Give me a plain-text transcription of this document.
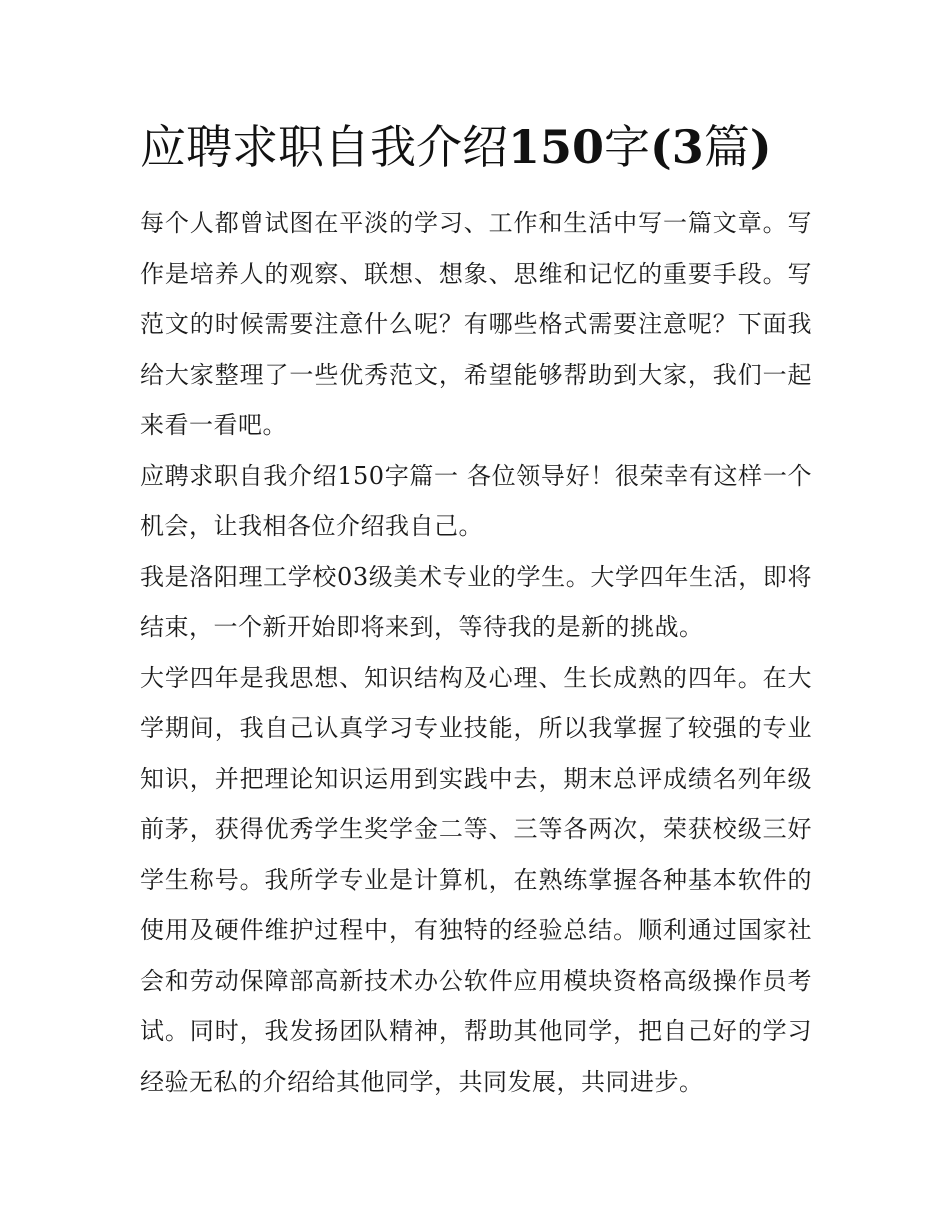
应聘求职自我介绍150字(3篇)

每个人都曾试图在平淡的学习、工作和生活中写一篇文章。写作是培养人的观察、联想、想象、思维和记忆的重要手段。写范文的时候需要注意什么呢？有哪些格式需要注意呢？下面我给大家整理了一些优秀范文，希望能够帮助到大家，我们一起来看一看吧。

应聘求职自我介绍150字篇一 各位领导好！很荣幸有这样一个机会，让我相各位介绍我自己。

我是洛阳理工学校03级美术专业的学生。大学四年生活，即将结束，一个新开始即将来到，等待我的是新的挑战。

大学四年是我思想、知识结构及心理、生长成熟的四年。在大学期间，我自己认真学习专业技能，所以我掌握了较强的专业知识，并把理论知识运用到实践中去，期末总评成绩名列年级前茅，获得优秀学生奖学金二等、三等各两次，荣获校级三好学生称号。我所学专业是计算机，在熟练掌握各种基本软件的使用及硬件维护过程中，有独特的经验总结。顺利通过国家社会和劳动保障部高新技术办公软件应用模块资格高级操作员考试。同时，我发扬团队精神，帮助其他同学，把自己好的学习经验无私的介绍给其他同学，共同发展，共同进步。
